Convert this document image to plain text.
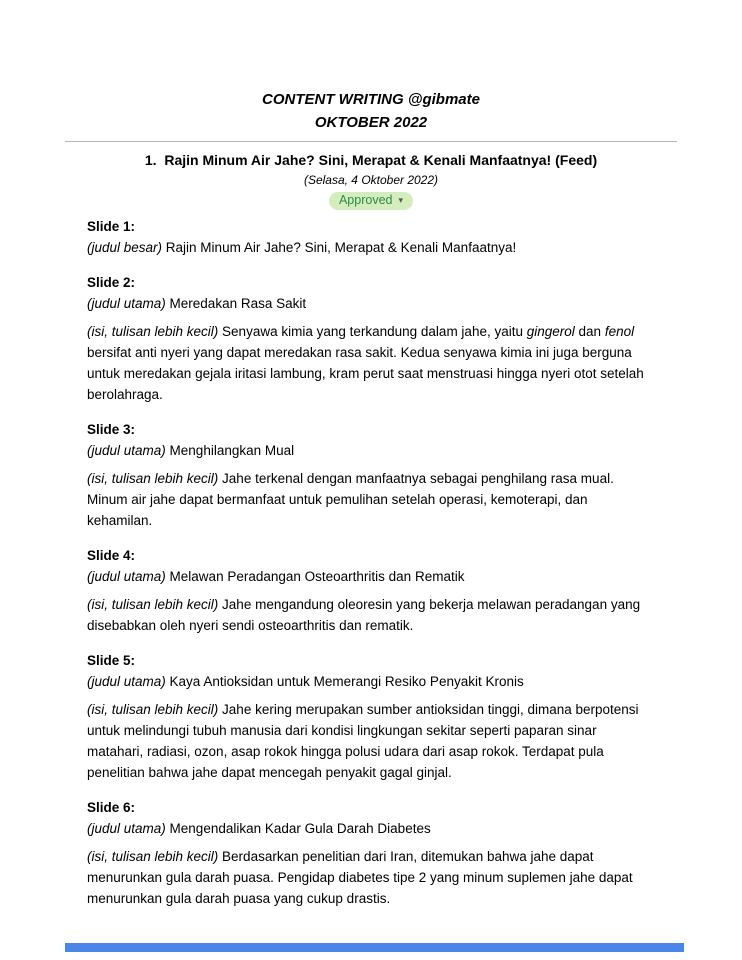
CONTENT WRITING @gibmate

OKTOBER 2022

1.  Rajin Minum Air Jahe? Sini, Merapat & Kenali Manfaatnya! (Feed)

(Selasa, 4 Oktober 2022)

Approved ▾

Slide 1:

(judul besar) Rajin Minum Air Jahe? Sini, Merapat & Kenali Manfaatnya!

Slide 2:

(judul utama) Meredakan Rasa Sakit

(isi, tulisan lebih kecil) Senyawa kimia yang terkandung dalam jahe, yaitu gingerol dan fenol bersifat anti nyeri yang dapat meredakan rasa sakit. Kedua senyawa kimia ini juga berguna untuk meredakan gejala iritasi lambung, kram perut saat menstruasi hingga nyeri otot setelah berolahraga.

Slide 3:

(judul utama) Menghilangkan Mual

(isi, tulisan lebih kecil) Jahe terkenal dengan manfaatnya sebagai penghilang rasa mual. Minum air jahe dapat bermanfaat untuk pemulihan setelah operasi, kemoterapi, dan kehamilan.

Slide 4:

(judul utama) Melawan Peradangan Osteoarthritis dan Rematik

(isi, tulisan lebih kecil) Jahe mengandung oleoresin yang bekerja melawan peradangan yang disebabkan oleh nyeri sendi osteoarthritis dan rematik.

Slide 5:

(judul utama) Kaya Antioksidan untuk Memerangi Resiko Penyakit Kronis

(isi, tulisan lebih kecil) Jahe kering merupakan sumber antioksidan tinggi, dimana berpotensi untuk melindungi tubuh manusia dari kondisi lingkungan sekitar seperti paparan sinar matahari, radiasi, ozon, asap rokok hingga polusi udara dari asap rokok. Terdapat pula penelitian bahwa jahe dapat mencegah penyakit gagal ginjal.

Slide 6:

(judul utama) Mengendalikan Kadar Gula Darah Diabetes

(isi, tulisan lebih kecil) Berdasarkan penelitian dari Iran, ditemukan bahwa jahe dapat menurunkan gula darah puasa. Pengidap diabetes tipe 2 yang minum suplemen jahe dapat menurunkan gula darah puasa yang cukup drastis.
